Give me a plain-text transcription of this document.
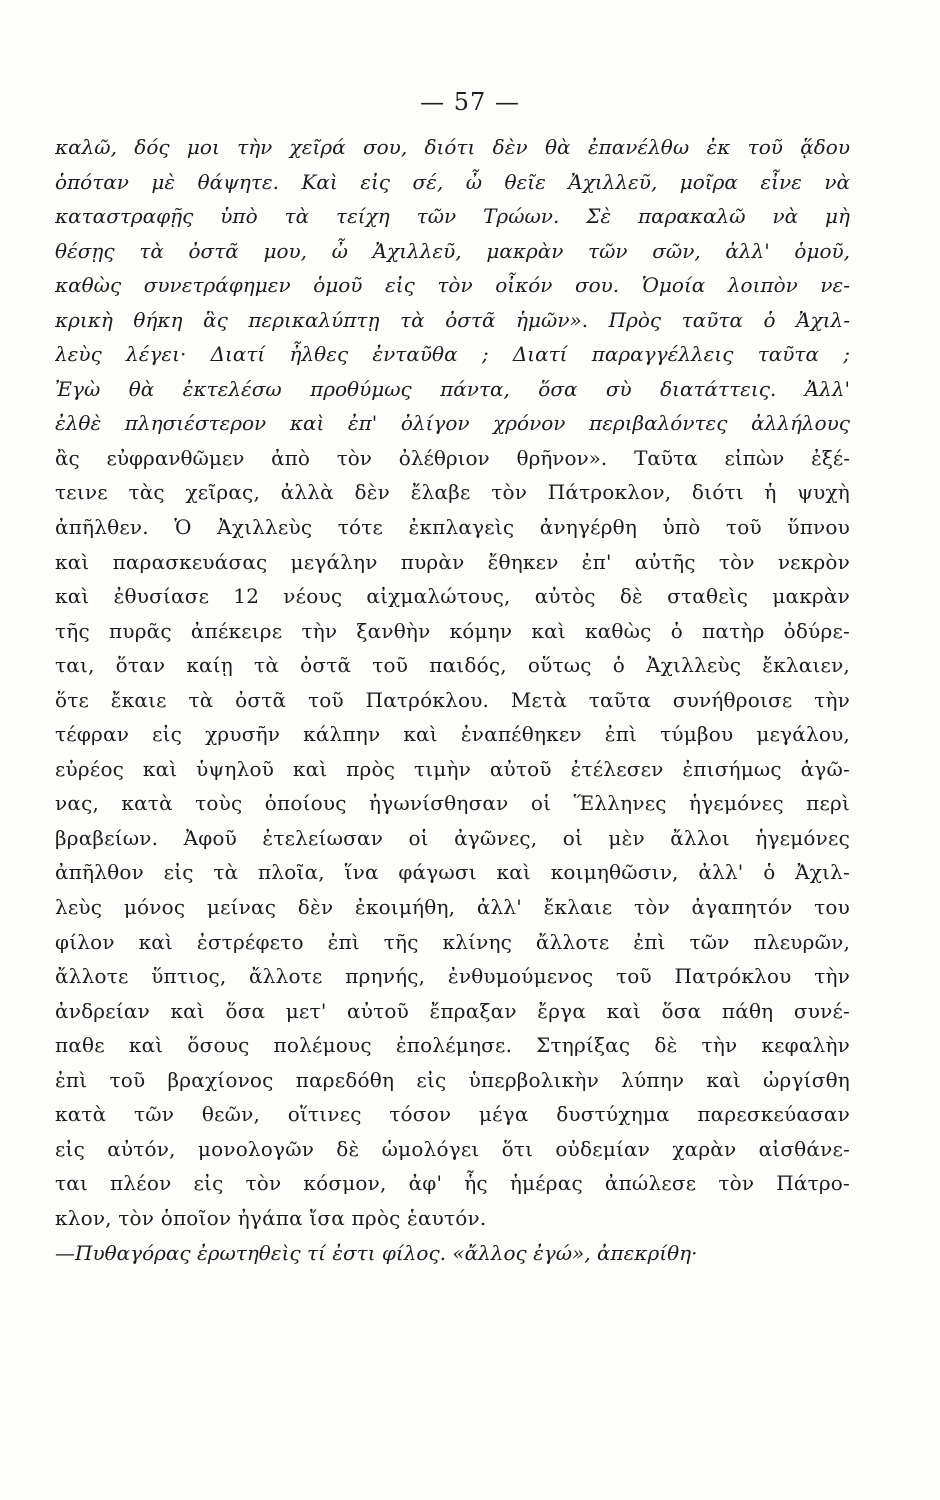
— 57 —
καλῶ, δός μοι τὴν χεῖρά σου, διότι δὲν θὰ ἐπανέλθω ἐκ τοῦ ᾅδου
ὁπόταν μὲ θάψητε. Καὶ εἰς σέ, ὦ θεῖε Ἀχιλλεῦ, μοῖρα εἶνε νὰ
καταστραφῇς ὑπὸ τὰ τείχη τῶν Τρώων. Σὲ παρακαλῶ νὰ μὴ
θέσῃς τὰ ὀστᾶ μου, ὦ Ἀχιλλεῦ, μακρὰν τῶν σῶν, ἀλλ' ὁμοῦ,
καθὼς συνετράφημεν ὁμοῦ εἰς τὸν οἶκόν σου. Ὁμοία λοιπὸν νε-
κρικὴ θήκη ἃς περικαλύπτῃ τὰ ὀστᾶ ἡμῶν». Πρὸς ταῦτα ὁ Ἀχιλ-
λεὺς λέγει· Διατί ἦλθες ἐνταῦθα ; Διατί παραγγέλλεις ταῦτα ;
Ἐγὼ θὰ ἐκτελέσω προθύμως πάντα, ὅσα σὺ διατάττεις. Ἀλλ'
ἐλθὲ πλησιέστερον καὶ ἐπ' ὀλίγον χρόνον περιβαλόντες ἀλλήλους
ἂς εὐφρανθῶμεν ἀπὸ τὸν ὀλέθριον θρῆνον». Ταῦτα εἰπὼν ἐξέ-
τεινε τὰς χεῖρας, ἀλλὰ δὲν ἔλαβε τὸν Πάτροκλον, διότι ἡ ψυχὴ
ἀπῆλθεν. Ὁ Ἀχιλλεὺς τότε ἐκπλαγεὶς ἀνηγέρθη ὑπὸ τοῦ ὕπνου
καὶ παρασκευάσας μεγάλην πυρὰν ἔθηκεν ἐπ' αὐτῆς τὸν νεκρὸν
καὶ ἐθυσίασε 12 νέους αἰχμαλώτους, αὐτὸς δὲ σταθεὶς μακρὰν
τῆς πυρᾶς ἀπέκειρε τὴν ξανθὴν κόμην καὶ καθὼς ὁ πατὴρ ὀδύρε-
ται, ὅταν καίῃ τὰ ὀστᾶ τοῦ παιδός, οὕτως ὁ Ἀχιλλεὺς ἔκλαιεν,
ὅτε ἔκαιε τὰ ὀστᾶ τοῦ Πατρόκλου. Μετὰ ταῦτα συνήθροισε τὴν
τέφραν εἰς χρυσῆν κάλπην καὶ ἐναπέθηκεν ἐπὶ τύμβου μεγάλου,
εὐρέος καὶ ὑψηλοῦ καὶ πρὸς τιμὴν αὐτοῦ ἐτέλεσεν ἐπισήμως ἀγῶ-
νας, κατὰ τοὺς ὁποίους ἠγωνίσθησαν οἱ Ἕλληνες ἡγεμόνες περὶ
βραβείων. Ἀφοῦ ἐτελείωσαν οἱ ἀγῶνες, οἱ μὲν ἄλλοι ἡγεμόνες
ἀπῆλθον εἰς τὰ πλοῖα, ἵνα φάγωσι καὶ κοιμηθῶσιν, ἀλλ' ὁ Ἀχιλ-
λεὺς μόνος μείνας δὲν ἐκοιμήθη, ἀλλ' ἔκλαιε τὸν ἀγαπητόν του
φίλον καὶ ἐστρέφετο ἐπὶ τῆς κλίνης ἄλλοτε ἐπὶ τῶν πλευρῶν,
ἄλλοτε ὕπτιος, ἄλλοτε πρηνής, ἐνθυμούμενος τοῦ Πατρόκλου τὴν
ἀνδρείαν καὶ ὅσα μετ' αὐτοῦ ἔπραξαν ἔργα καὶ ὅσα πάθη συνέ-
παθε καὶ ὅσους πολέμους ἐπολέμησε. Στηρίξας δὲ τὴν κεφαλὴν
ἐπὶ τοῦ βραχίονος παρεδόθη εἰς ὑπερβολικὴν λύπην καὶ ὠργίσθη
κατὰ τῶν θεῶν, οἵτινες τόσον μέγα δυστύχημα παρεσκεύασαν
εἰς αὐτόν, μονολογῶν δὲ ὡμολόγει ὅτι οὐδεμίαν χαρὰν αἰσθάνε-
ται πλέον εἰς τὸν κόσμον, ἀφ' ἧς ἡμέρας ἀπώλεσε τὸν Πάτρο-
κλον, τὸν ὁποῖον ἠγάπα ἴσα πρὸς ἑαυτόν.
—Πυθαγόρας ἐρωτηθεὶς τί ἐστι φίλος. «ἄλλος ἐγώ», ἀπεκρίθη·
